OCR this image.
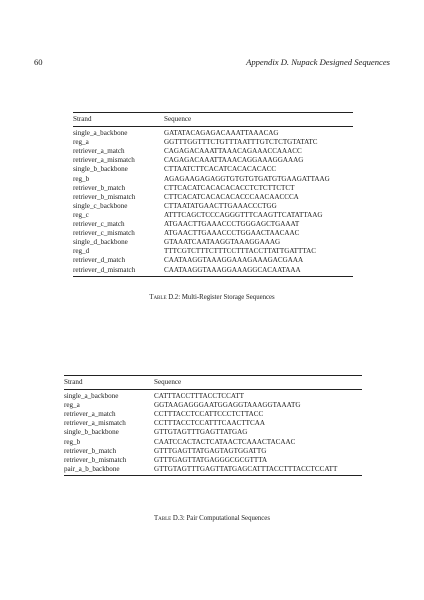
60	Appendix D. Nupack Designed Sequences
Strand	Sequence
single_a_backbone	GATATACAGAGACAAATTAAACAG
reg_a	GGTTTGGTTTCTGTTTAATTTGTCTCTGTATATC
retriever_a_match	CAGAGACAAATTAAACAGAAACCAAACC
retriever_a_mismatch	CAGAGACAAATTAAACAGGAAAGGAAAG
single_b_backbone	CTTAATCTTCACATCACACACACC
reg_b	AGAGAAGAGAGGTGTGTGTGATGTGAAGATTAAG
retriever_b_match	CTTCACATCACACACACCTCTCTTCTCT
retriever_b_mismatch	CTTCACATCACACACACCCAACAACCCA
single_c_backbone	CTTAATATGAACTTGAAACCCTGG
reg_c	ATTTCAGCTCCCAGGGTTTCAAGTTCATATTAAG
retriever_c_match	ATGAACTTGAAACCCTGGGAGCTGAAAT
retriever_c_mismatch	ATGAACTTGAAACCCTGGAACTAACAAC
single_d_backbone	GTAAATCAATAAGGTAAAGGAAAG
reg_d	TTTCGTCTTTCTTTCCTTTACCTTATTGATTTAC
retriever_d_match	CAATAAGGTAAAGGAAAGAAAGACGAAA
retriever_d_mismatch	CAATAAGGTAAAGGAAAGGCACAATAAA
Table D.2: Multi-Register Storage Sequences
Strand	Sequence
single_a_backbone	CATTTACCTTTACCTCCATT
reg_a	GGTAAGAGGGAATGGAGGTAAAGGTAAATG
retriever_a_match	CCTTTACCTCCATTCCCTCTTACC
retriever_a_mismatch	CCTTTACCTCCATTTCAACTTCAA
single_b_backbone	GTTGTAGTTTGAGTTATGAG
reg_b	CAATCCACTACTCATAACTCAAACTACAAC
retriever_b_match	GTTTGAGTTATGAGTAGTGGATTG
retriever_b_mismatch	GTTTGAGTTATGAGGGCGCGTTTA
pair_a_b_backbone	GTTGTAGTTTGAGTTATGAGCATTTACCTTTACCTCCATT
Table D.3: Pair Computational Sequences
